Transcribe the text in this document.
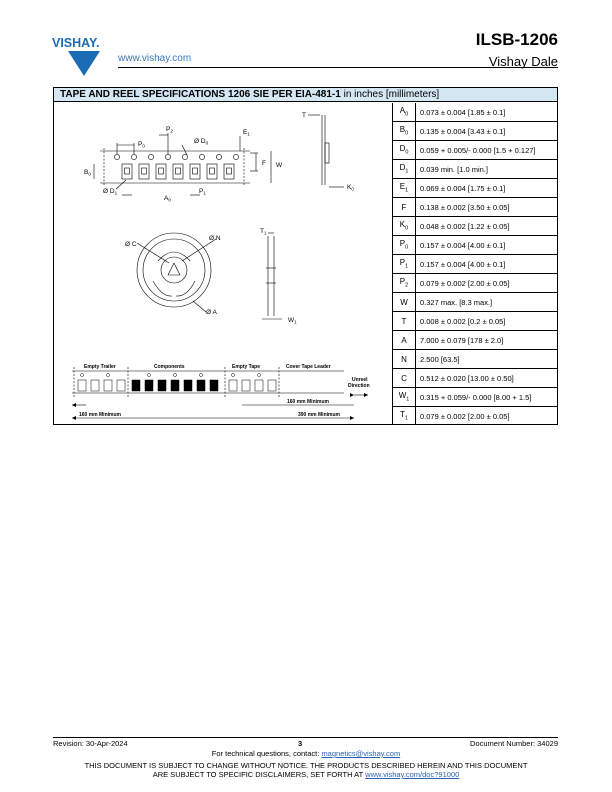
VISHAY.
www.vishay.com
ILSB-1206
Vishay Dale
TAPE AND REEL SPECIFICATIONS 1206 SIE PER EIA-481-1 in inches [millimeters]
$P_2$
Ø $D_0$
$P_0$
$E_1$
F W
$B_0$
Ø $D_1$
$A_0$
$P_1$
T
$K_0$
Ø C
Ø N
Ø A
$T_1$
$W_1$
Empty Trailer	Components	Empty Tape	Cover Tape Leader
Unreel
Direction
160 mm Minimum
160 mm Minimum	390 mm Minimum
$A_0$	0.073 ± 0.004 [1.85 ± 0.1]
$B_0$	0.135 ± 0.004 [3.43 ± 0.1]
$D_0$	0.059 + 0.005/- 0.000 [1.5 + 0.127]
$D_1$	0.039 min. [1.0 min.]
$E_1$	0.069 ± 0.004 [1.75 ± 0.1]
F	0.138 ± 0.002 [3.50 ± 0.05]
$K_0$	0.048 ± 0.002 [1.22 ± 0.05]
$P_0$	0.157 ± 0.004 [4.00 ± 0.1]
$P_1$	0.157 ± 0.004 [4.00 ± 0.1]
$P_2$	0.079 ± 0.002 [2.00 ± 0.05]
W	0.327 max. [8.3 max.]
T	0.008 ± 0.002 [0.2 ± 0.05]
A	7.000 ± 0.079 [178 ± 2.0]
N	2.500 [63.5]
C	0.512 ± 0.020 [13.00 ± 0.50]
$W_1$	0.315 + 0.059/- 0.000 [8.00 + 1.5]
$T_1$	0.079 ± 0.002 [2.00 ± 0.05]
Revision: 30-Apr-2024	3	Document Number: 34029
For technical questions, contact: magnetics@vishay.com
THIS DOCUMENT IS SUBJECT TO CHANGE WITHOUT NOTICE. THE PRODUCTS DESCRIBED HEREIN AND THIS DOCUMENT
ARE SUBJECT TO SPECIFIC DISCLAIMERS, SET FORTH AT www.vishay.com/doc?91000
